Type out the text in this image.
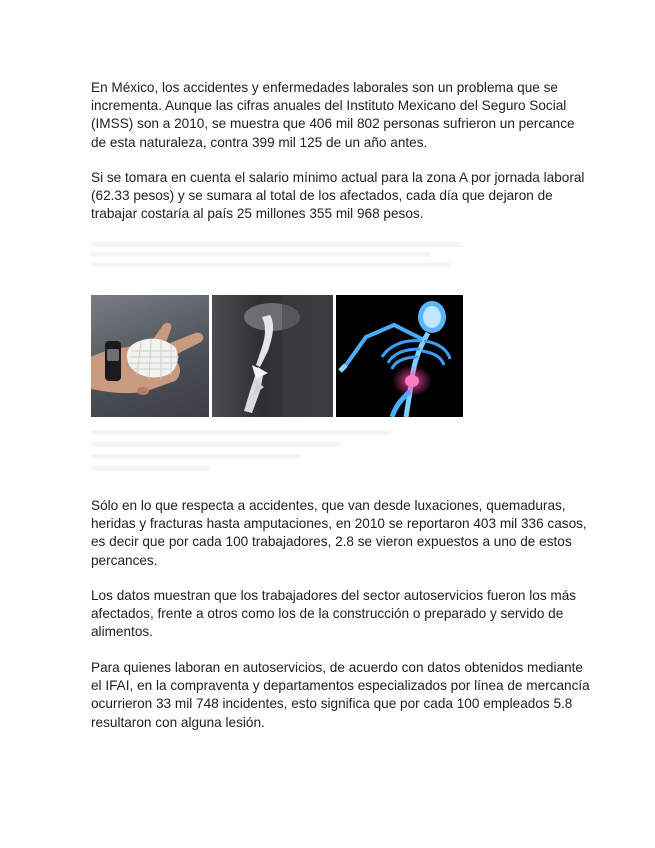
En México, los accidentes y enfermedades laborales son un problema que se incrementa. Aunque las cifras anuales del Instituto Mexicano del Seguro Social (IMSS) son a 2010, se muestra que 406 mil 802 personas sufrieron un percance de esta naturaleza, contra 399 mil 125 de un año antes.

Si se tomara en cuenta el salario mínimo actual para la zona A por jornada laboral (62.33 pesos) y se sumara al total de los afectados, cada día que dejaron de trabajar costaría al país 25 millones 355 mil 968 pesos.

Sólo en lo que respecta a accidentes, que van desde luxaciones, quemaduras, heridas y fracturas hasta amputaciones, en 2010 se reportaron 403 mil 336 casos, es decir que por cada 100 trabajadores, 2.8 se vieron expuestos a uno de estos percances.

Los datos muestran que los trabajadores del sector autoservicios fueron los más afectados, frente a otros como los de la construcción o preparado y servido de alimentos.

Para quienes laboran en autoservicios, de acuerdo con datos obtenidos mediante el IFAI, en la compraventa y departamentos especializados por línea de mercancía ocurrieron 33 mil 748 incidentes, esto significa que por cada 100 empleados 5.8 resultaron con alguna lesión.
